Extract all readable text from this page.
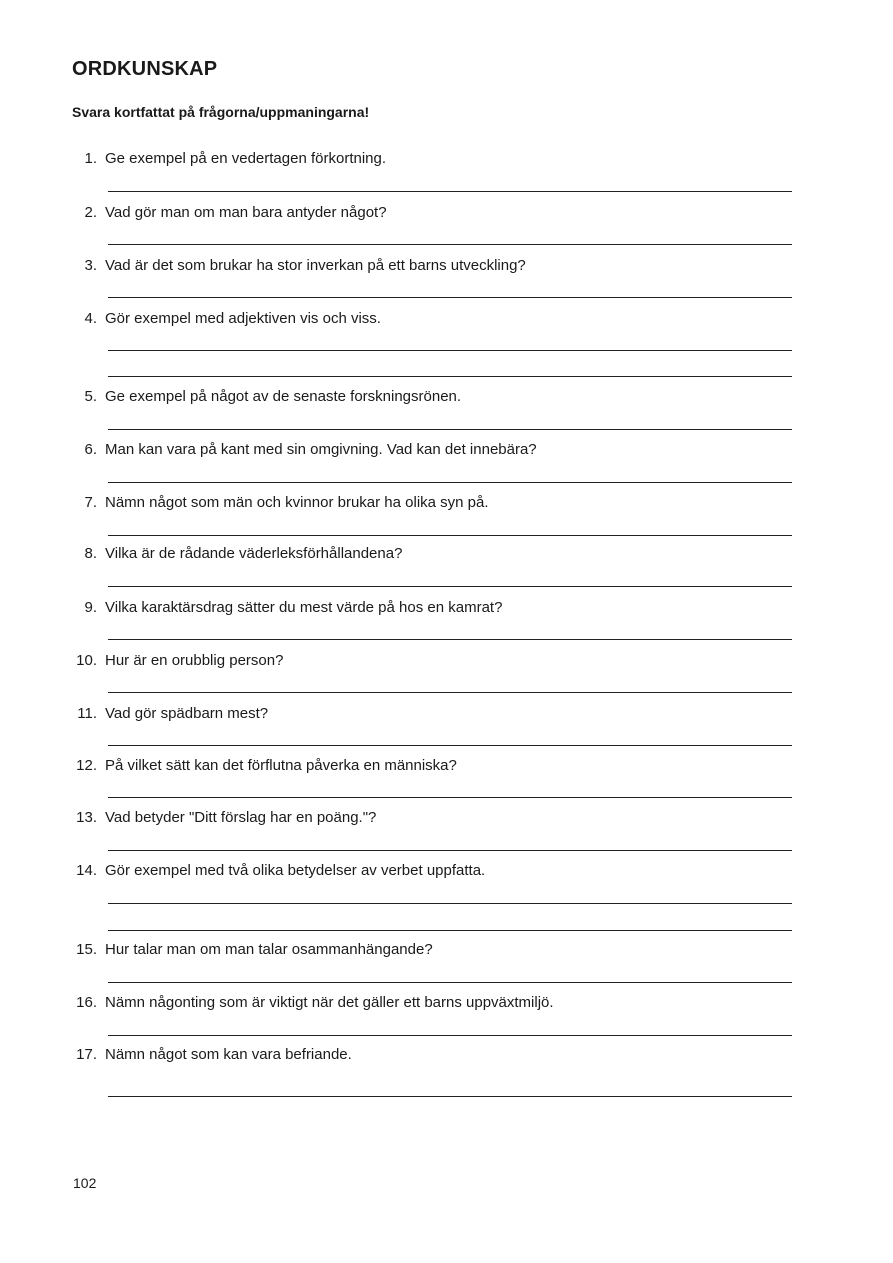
ORDKUNSKAP
Svara kortfattat på frågorna/uppmaningarna!
1. Ge exempel på en vedertagen förkortning.
2. Vad gör man om man bara antyder något?
3. Vad är det som brukar ha stor inverkan på ett barns utveckling?
4. Gör exempel med adjektiven vis och viss.
5. Ge exempel på något av de senaste forskningsrönen.
6. Man kan vara på kant med sin omgivning. Vad kan det innebära?
7. Nämn något som män och kvinnor brukar ha olika syn på.
8. Vilka är de rådande väderleksförhållandena?
9. Vilka karaktärsdrag sätter du mest värde på hos en kamrat?
10. Hur är en orubblig person?
11. Vad gör spädbarn mest?
12. På vilket sätt kan det förflutna påverka en människa?
13. Vad betyder "Ditt förslag har en poäng."?
14. Gör exempel med två olika betydelser av verbet uppfatta.
15. Hur talar man om man talar osammanhängande?
16. Nämn någonting som är viktigt när det gäller ett barns uppväxtmiljö.
17. Nämn något som kan vara befriande.
102
